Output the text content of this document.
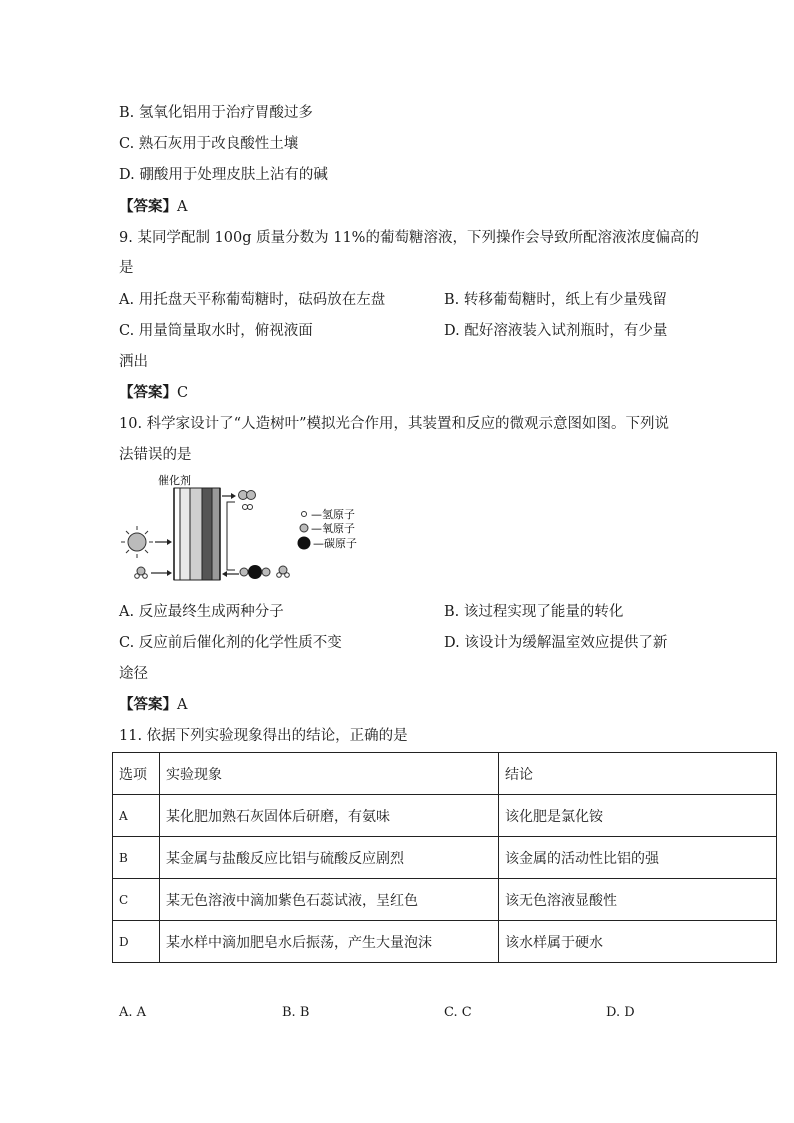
B. 氢氧化铝用于治疗胃酸过多
C. 熟石灰用于改良酸性土壤
D. 硼酸用于处理皮肤上沾有的碱
【答案】A
9. 某同学配制 100g 质量分数为 11%的葡萄糖溶液，下列操作会导致所配溶液浓度偏高的
是
A. 用托盘天平称葡萄糖时，砝码放在左盘	B. 转移葡萄糖时，纸上有少量残留
C. 用量筒量取水时，俯视液面	D. 配好溶液装入试剂瓶时，有少量
洒出
【答案】C
10. 科学家设计了“人造树叶”模拟光合作用，其装置和反应的微观示意图如图。下列说
法错误的是
催化剂
—氢原子
—氧原子
—碳原子
A. 反应最终生成两种分子	B. 该过程实现了能量的转化
C. 反应前后催化剂的化学性质不变	D. 该设计为缓解温室效应提供了新
途径
【答案】A
11. 依据下列实验现象得出的结论，正确的是
选项	实验现象	结论
A	某化肥加熟石灰固体后研磨，有氨味	该化肥是氯化铵
B	某金属与盐酸反应比铝与硫酸反应剧烈	该金属的活动性比铝的强
C	某无色溶液中滴加紫色石蕊试液，呈红色	该无色溶液显酸性
D	某水样中滴加肥皂水后振荡，产生大量泡沫	该水样属于硬水
A. A	B. B	C. C	D. D
